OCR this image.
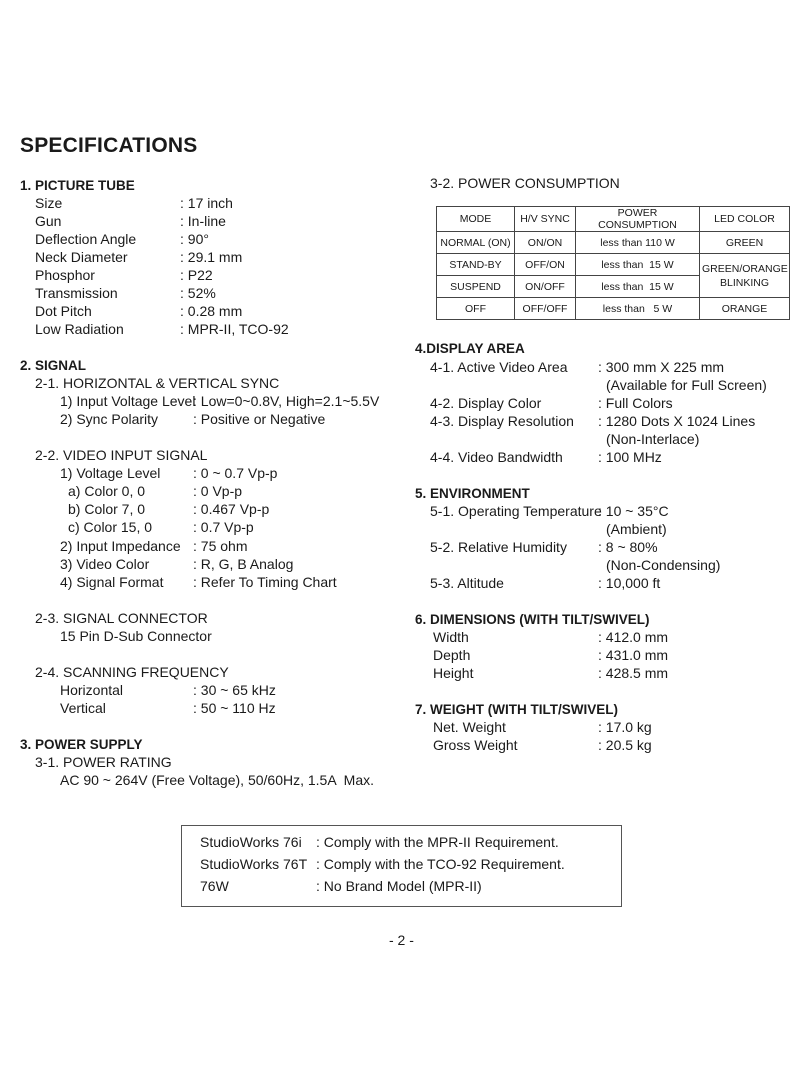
SPECIFICATIONS
1. PICTURE TUBE
Size	: 17 inch
Gun	: In-line
Deflection Angle	: 90°
Neck Diameter	: 29.1 mm
Phosphor	: P22
Transmission	: 52%
Dot Pitch	: 0.28 mm
Low Radiation	: MPR-II, TCO-92
2. SIGNAL
2-1. HORIZONTAL & VERTICAL SYNC
1) Input Voltage Level
: Low=0~0.8V, High=2.1~5.5V
2) Sync Polarity : Positive or Negative
2-2. VIDEO INPUT SIGNAL
1) Voltage Level : 0 ~ 0.7 Vp-p
a) Color 0, 0	: 0 Vp-p
b) Color 7, 0	: 0.467 Vp-p
c) Color 15, 0	: 0.7 Vp-p
2) Input Impedance : 75 ohm
3) Video Color	: R, G, B Analog
4) Signal Format : Refer To Timing Chart
2-3. SIGNAL CONNECTOR
15 Pin D-Sub Connector
2-4. SCANNING FREQUENCY
Horizontal	: 30 ~ 65 kHz
Vertical	: 50 ~ 110 Hz
3. POWER SUPPLY
3-1. POWER RATING
AC 90 ~ 264V (Free Voltage), 50/60Hz, 1.5A  Max.
3-2. POWER CONSUMPTION
MODE	H/V SYNC	POWER CONSUMPTION	LED COLOR
NORMAL (ON)	ON/ON	less than 110 W	GREEN
STAND-BY	OFF/ON	less than  15 W	GREEN/ORANGE BLINKING
SUSPEND	ON/OFF	less than  15 W	
OFF	OFF/OFF	less than   5 W	ORANGE
4.DISPLAY AREA
4-1. Active Video Area : 300 mm X 225 mm
(Available for Full Screen)
4-2. Display Color	: Full Colors
4-3. Display Resolution : 1280 Dots X 1024 Lines
(Non-Interlace)
4-4. Video Bandwidth	: 100 MHz
5. ENVIRONMENT
5-1. Operating Temperature
: 10 ~ 35°C
(Ambient)
5-2. Relative Humidity : 8 ~ 80%
(Non-Condensing)
5-3. Altitude	: 10,000 ft
6. DIMENSIONS (WITH TILT/SWIVEL)
Width	: 412.0 mm
Depth	: 431.0 mm
Height	: 428.5 mm
7. WEIGHT (WITH TILT/SWIVEL)
Net. Weight	: 17.0 kg
Gross Weight	: 20.5 kg
StudioWorks 76i : Comply with the MPR-II Requirement.
StudioWorks 76T : Comply with the TCO-92 Requirement.
76W	: No Brand Model (MPR-II)
- 2 -
